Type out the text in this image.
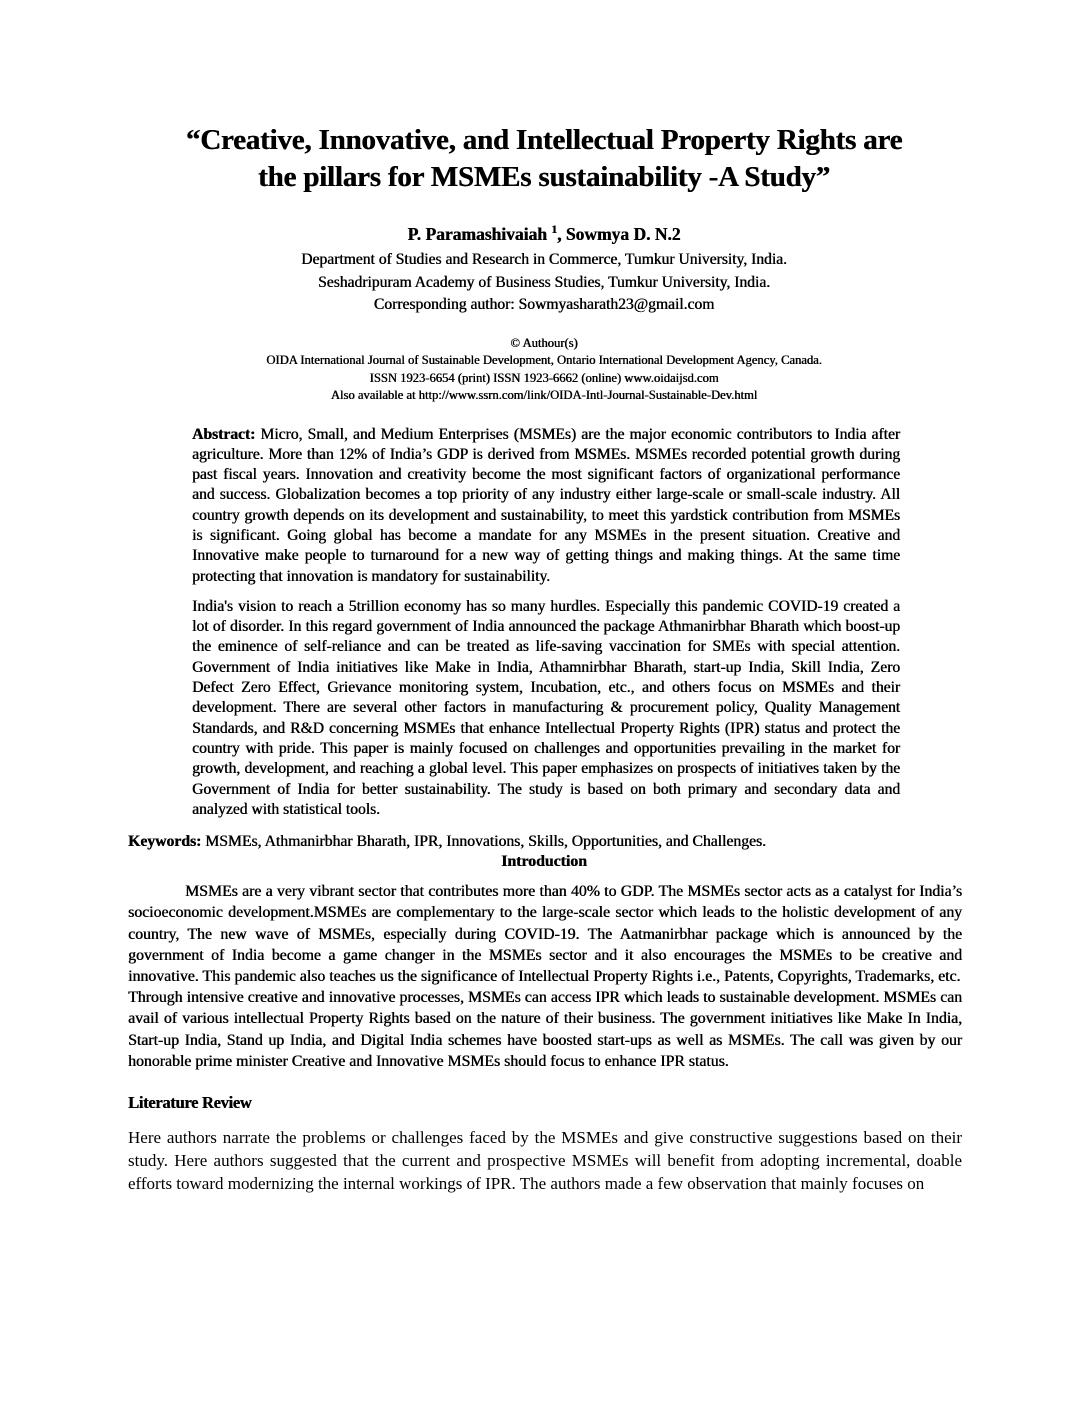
“Creative, Innovative, and Intellectual Property Rights are
the pillars for MSMEs sustainability -A Study”
P. Paramashivaiah $^1$, Sowmya D. N.2
Department of Studies and Research in Commerce, Tumkur University, India.
Seshadripuram Academy of Business Studies, Tumkur University, India.
Corresponding author: Sowmyasharath23@gmail.com
© Authour(s)
OIDA International Journal of Sustainable Development, Ontario International Development Agency, Canada.
ISSN 1923-6654 (print) ISSN 1923-6662 (online) www.oidaijsd.com
Also available at http://www.ssrn.com/link/OIDA-Intl-Journal-Sustainable-Dev.html

Abstract: Micro, Small, and Medium Enterprises (MSMEs) are the major economic contributors to India after agriculture. More than 12% of India’s GDP is derived from MSMEs. MSMEs recorded potential growth during past fiscal years. Innovation and creativity become the most significant factors of organizational performance and success. Globalization becomes a top priority of any industry either large-scale or small-scale industry. All country growth depends on its development and sustainability, to meet this yardstick contribution from MSMEs is significant. Going global has become a mandate for any MSMEs in the present situation. Creative and Innovative make people to turnaround for a new way of getting things and making things. At the same time protecting that innovation is mandatory for sustainability.

India's vision to reach a 5trillion economy has so many hurdles. Especially this pandemic COVID-19 created a lot of disorder. In this regard government of India announced the package Athmanirbhar Bharath which boost-up the eminence of self-reliance and can be treated as life-saving vaccination for SMEs with special attention. Government of India initiatives like Make in India, Athamnirbhar Bharath, start-up India, Skill India, Zero Defect Zero Effect, Grievance monitoring system, Incubation, etc., and others focus on MSMEs and their development. There are several other factors in manufacturing & procurement policy, Quality Management Standards, and R&D concerning MSMEs that enhance Intellectual Property Rights (IPR) status and protect the country with pride. This paper is mainly focused on challenges and opportunities prevailing in the market for growth, development, and reaching a global level. This paper emphasizes on prospects of initiatives taken by the Government of India for better sustainability. The study is based on both primary and secondary data and analyzed with statistical tools.

Keywords: MSMEs, Athmanirbhar Bharath, IPR, Innovations, Skills, Opportunities, and Challenges.
Introduction

MSMEs are a very vibrant sector that contributes more than 40% to GDP. The MSMEs sector acts as a catalyst for India’s socioeconomic development.MSMEs are complementary to the large-scale sector which leads to the holistic development of any country, The new wave of MSMEs, especially during COVID-19. The Aatmanirbhar package which is announced by the government of India become a game changer in the MSMEs sector and it also encourages the MSMEs to be creative and innovative. This pandemic also teaches us the significance of Intellectual Property Rights i.e., Patents, Copyrights, Trademarks, etc.

Through intensive creative and innovative processes, MSMEs can access IPR which leads to sustainable development. MSMEs can avail of various intellectual Property Rights based on the nature of their business. The government initiatives like Make In India, Start-up India, Stand up India, and Digital India schemes have boosted start-ups as well as MSMEs. The call was given by our honorable prime minister Creative and Innovative MSMEs should focus to enhance IPR status.

Literature Review

Here authors narrate the problems or challenges faced by the MSMEs and give constructive suggestions based on their study. Here authors suggested that the current and prospective MSMEs will benefit from adopting incremental, doable efforts toward modernizing the internal workings of IPR. The authors made a few observation that mainly focuses on
